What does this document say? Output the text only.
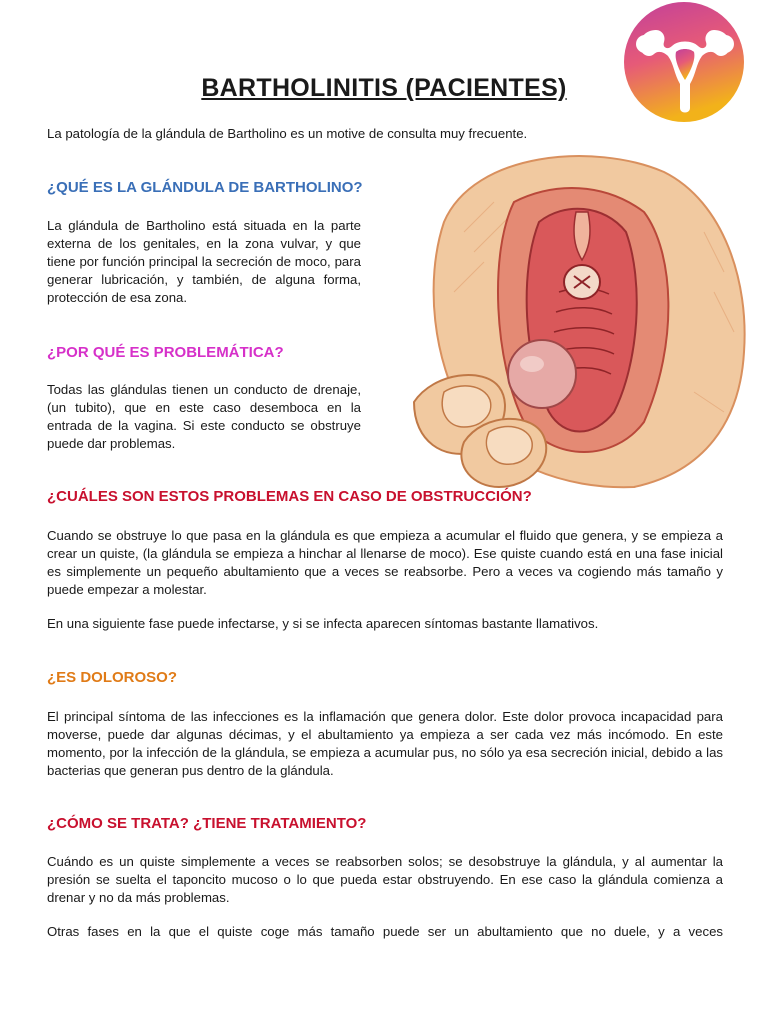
BARTHOLINITIS (PACIENTES)

La patología de la glándula de Bartholino es un motive de consulta muy frecuente.

¿QUÉ ES LA GLÁNDULA DE BARTHOLINO?

La glándula de Bartholino está situada en la parte externa de los genitales, en la zona vulvar, y que tiene por función principal la secreción de moco, para generar lubricación, y también, de alguna forma, protección de esa zona.

¿POR QUÉ ES PROBLEMÁTICA?

Todas las glándulas tienen un conducto de drenaje, (un tubito), que en este caso desemboca en la entrada de la vagina. Si este conducto se obstruye puede dar problemas.

¿CUÁLES SON ESTOS PROBLEMAS EN CASO DE OBSTRUCCIÓN?

Cuando se obstruye lo que pasa en la glándula es que empieza a acumular el fluido que genera, y se empieza a crear un quiste, (la glándula se empieza a hinchar al llenarse de moco). Ese quiste cuando está en una fase inicial es simplemente un pequeño abultamiento que a veces se reabsorbe. Pero a veces va cogiendo más tamaño y puede empezar a molestar.

En una siguiente fase puede infectarse, y si se infecta aparecen síntomas bastante llamativos.

¿ES DOLOROSO?

El principal síntoma de las infecciones es la inflamación que genera dolor. Este dolor provoca incapacidad para moverse, puede dar algunas décimas, y el abultamiento ya empieza a ser cada vez más incómodo. En este momento, por la infección de la glándula, se empieza a acumular pus, no sólo ya esa secreción inicial, debido a las bacterias que generan pus dentro de la glándula.

¿CÓMO SE TRATA? ¿TIENE TRATAMIENTO?

Cuándo es un quiste simplemente a veces se reabsorben solos; se desobstruye la glándula, y al aumentar la presión se suelta el taponcito mucoso o lo que pueda estar obstruyendo. En ese caso la glándula comienza a drenar y no da más problemas.

Otras fases en la que el quiste coge más tamaño puede ser un abultamiento que no duele, y a veces
